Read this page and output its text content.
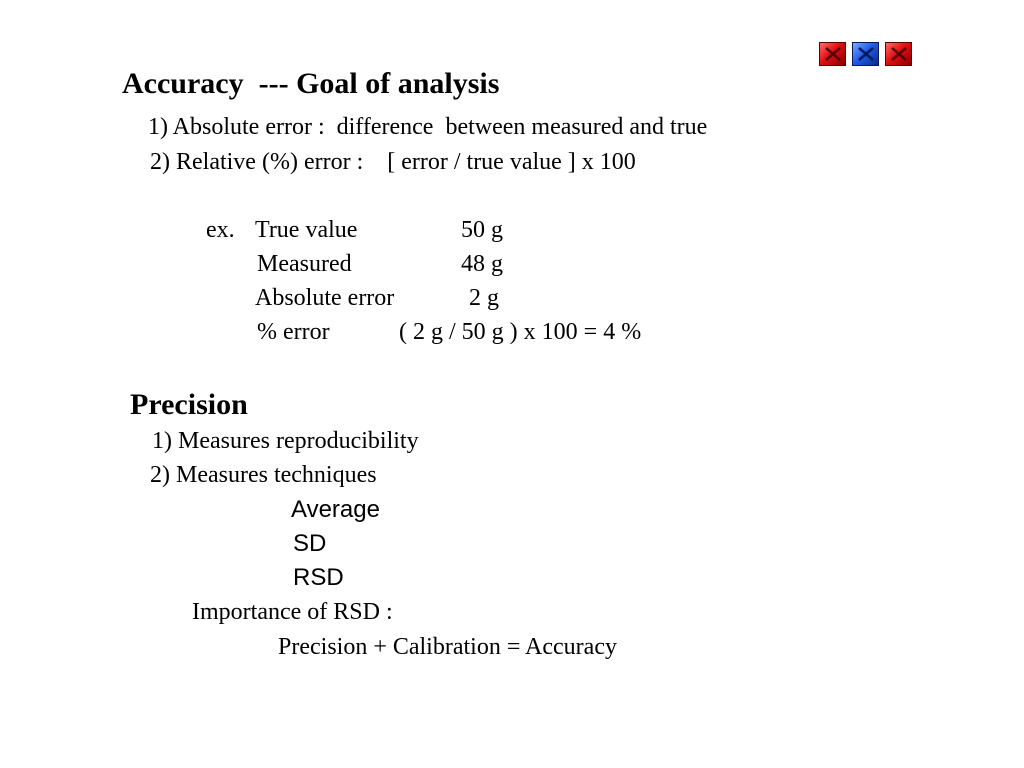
Accuracy  --- Goal of analysis
1) Absolute error :  difference  between measured and true
2) Relative (%) error :    [ error / true value ] x 100
ex. True value	50 g
Measured	48 g
Absolute error	2 g
% error	( 2 g / 50 g ) x 100 = 4 %
Precision
1) Measures reproducibility
2) Measures techniques
Average
SD
RSD
Importance of RSD :
Precision + Calibration = Accuracy
